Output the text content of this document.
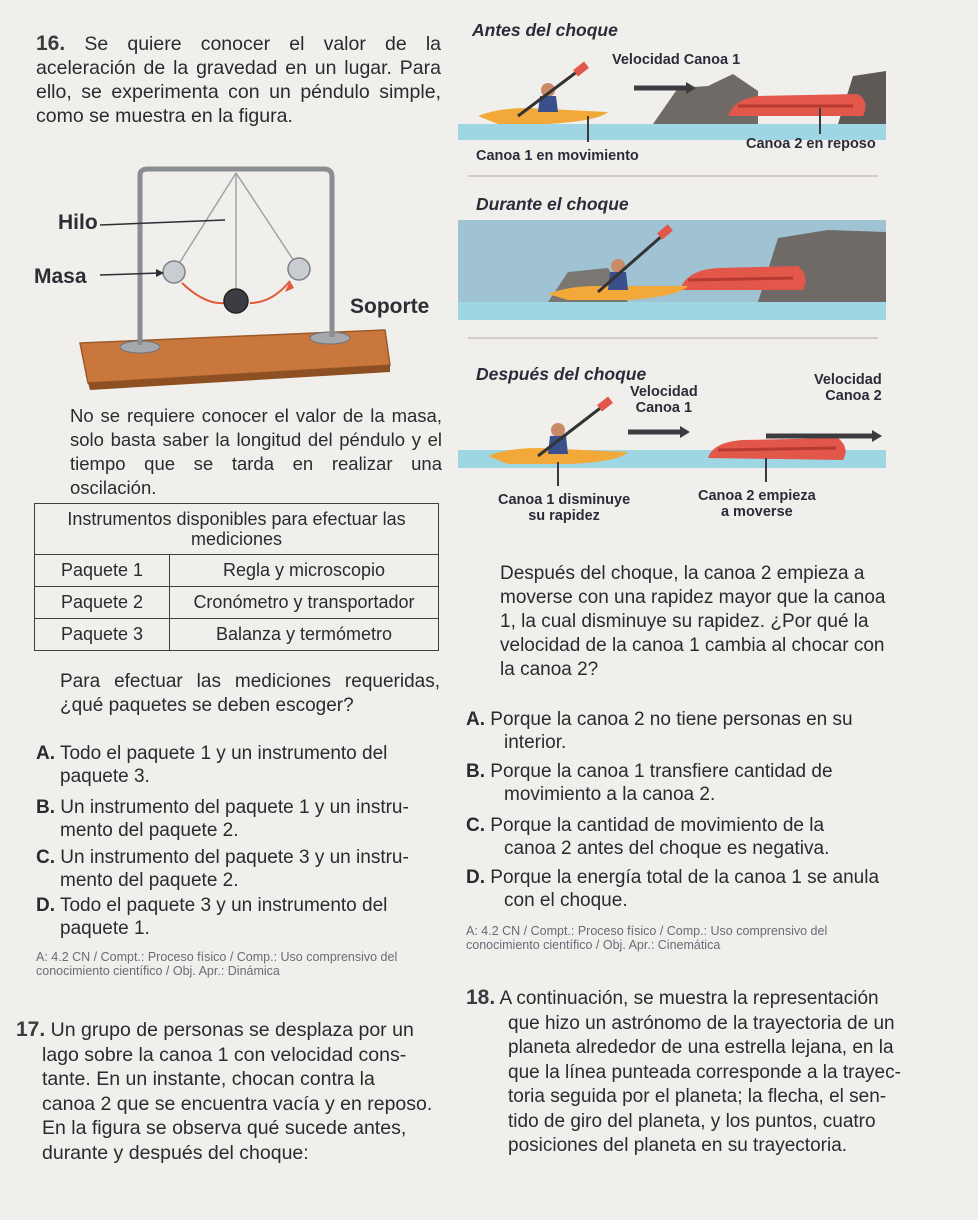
16. Se quiere conocer el valor de la aceleración de la gravedad en un lugar. Para ello, se experimenta con un péndulo simple, como se muestra en la figura.
Hilo
Masa
Soporte
No se requiere conocer el valor de la masa, solo basta saber la longitud del péndulo y el tiempo que se tarda en realizar una oscilación.
Instrumentos disponibles para efectuar las mediciones	
Paquete 1	Regla y microscopio
Paquete 2	Cronómetro y transportador
Paquete 3	Balanza y termómetro
Para efectuar las mediciones requeridas, ¿qué paquetes se deben escoger?
A. Todo el paquete 1 y un instrumento del
paquete 3.
B. Un instrumento del paquete 1 y un instru-
mento del paquete 2.
C. Un instrumento del paquete 3 y un instru-
mento del paquete 2.
D. Todo el paquete 3 y un instrumento del
paquete 1.
A: 4.2 CN / Compt.: Proceso físico / Comp.: Uso comprensivo del
conocimiento científico / Obj. Apr.: Dinámica
17. Un grupo de personas se desplaza por un
lago sobre la canoa 1 con velocidad cons-
tante. En un instante, chocan contra la
canoa 2 que se encuentra vacía y en reposo.
En la figura se observa qué sucede antes,
durante y después del choque:
Antes del choque
Velocidad Canoa 1
Canoa 1 en movimiento
Canoa 2 en reposo
Durante el choque
Después del choque
Velocidad
Canoa 1
Velocidad
Canoa 2
Canoa 1 disminuye
su rapidez
Canoa 2 empieza
a moverse
Después del choque, la canoa 2 empieza a
moverse con una rapidez mayor que la canoa
1, la cual disminuye su rapidez. ¿Por qué la
velocidad de la canoa 1 cambia al chocar con
la canoa 2?
A. Porque la canoa 2 no tiene personas en su
interior.
B. Porque la canoa 1 transfiere cantidad de
movimiento a la canoa 2.
C. Porque la cantidad de movimiento de la
canoa 2 antes del choque es negativa.
D. Porque la energía total de la canoa 1 se anula
con el choque.
A: 4.2 CN / Compt.: Proceso físico / Comp.: Uso comprensivo del
conocimiento científico / Obj. Apr.: Cinemática
18. A continuación, se muestra la representación
que hizo un astrónomo de la trayectoria de un
planeta alrededor de una estrella lejana, en la
que la línea punteada corresponde a la trayec-
toria seguida por el planeta; la flecha, el sen-
tido de giro del planeta, y los puntos, cuatro
posiciones del planeta en su trayectoria.
